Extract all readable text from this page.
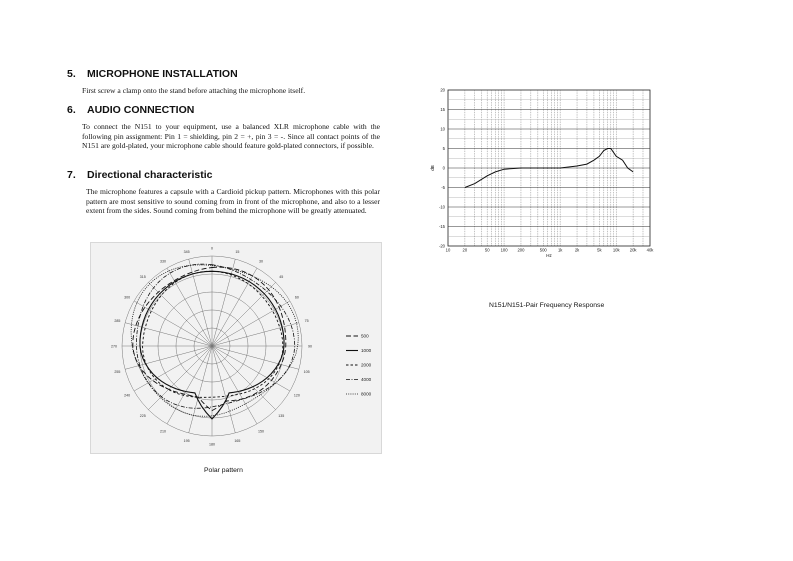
5. MICROPHONE INSTALLATION
First screw a clamp onto the stand before attaching the microphone itself.
6. AUDIO CONNECTION
To connect the N151 to your equipment, use a balanced XLR microphone cable with the following pin assignment: Pin 1 = shielding, pin 2 = +, pin 3 = -. Since all contact points of the N151 are gold-plated, your microphone cable should feature gold-plated connectors, if possible.
7. Directional characteristic
The microphone features a capsule with a Cardioid pickup pattern. Microphones with this polar pattern are most sensitive to sound coming from in front of the microphone, and also to a lesser extent from the sides. Sound coming from behind the microphone will be greatly attenuated.
0
15
30
45
60
75
90
105
120
135
150
165
180
195
210
225
240
255
270
285
300
315
330
345
500
1000
2000
4000
8000
Polar pattern
20
15
10
5
0
-5
-10
-15
-20
10	20	50	100 200	500	1k	2k	5k	10k 20k 40k
dB
Hz
N151/N151-Pair Frequency Response
